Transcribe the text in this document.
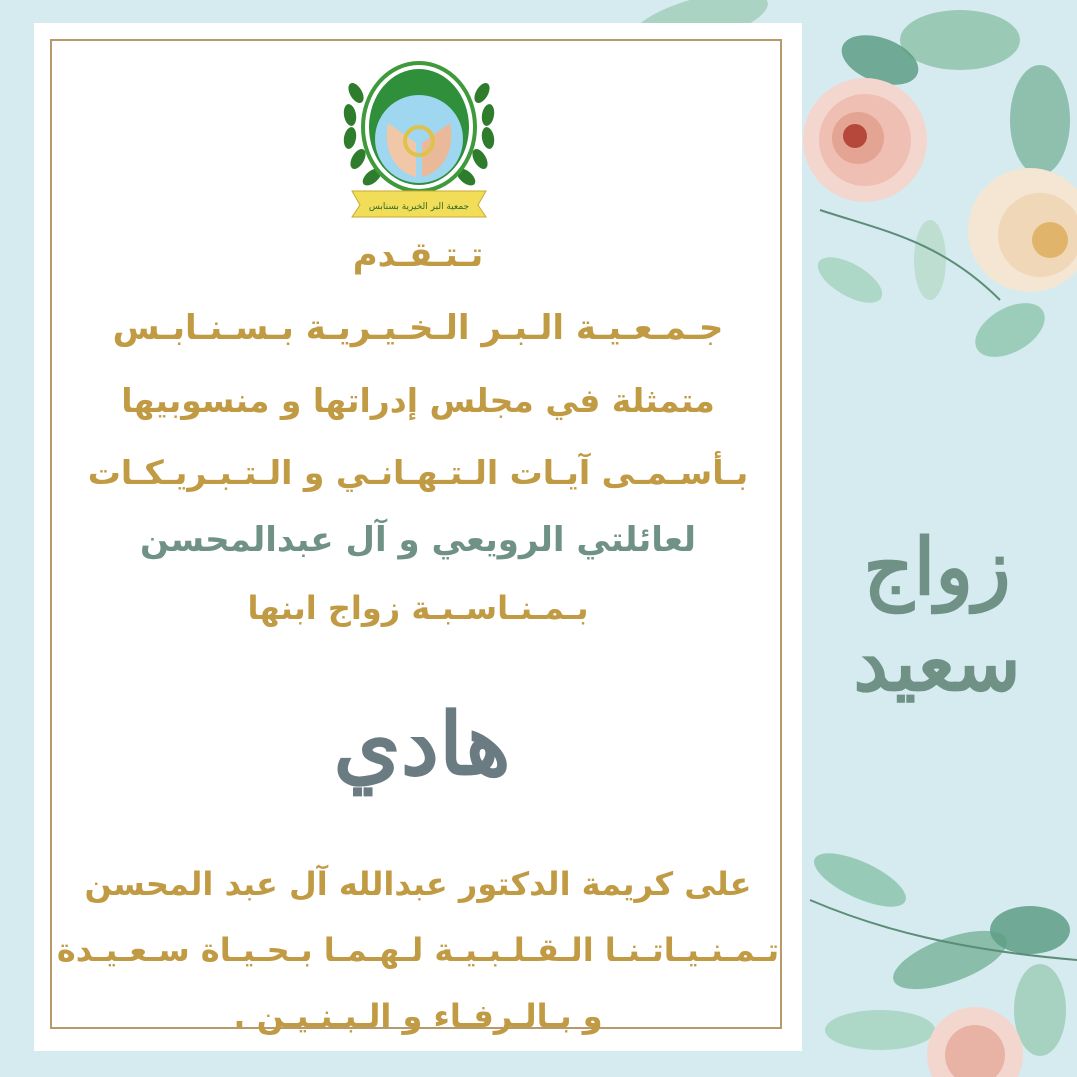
زواج
سعيد
جمعية البر الخيرية بسنابس
تـتـقـدم
جـمـعـيـة الـبـر الـخـيـريـة بـسـنـابـس
متمثلة في مجلس إدراتها و منسوبيها
بـأسـمـى آيـات الـتـهـانـي و الـتـبـريـكـات
لعائلتي الرويعي و آل عبدالمحسن
بـمـنـاسـبـة زواج ابنها
هادي
على كريمة الدكتور عبدالله آل عبد المحسن
تـمـنـيـاتـنـا الـقـلـبـيـة لـهـمـا بـحـيـاة سـعـيـدة
و بـالـرفـاء و الـبـنـيـن .
